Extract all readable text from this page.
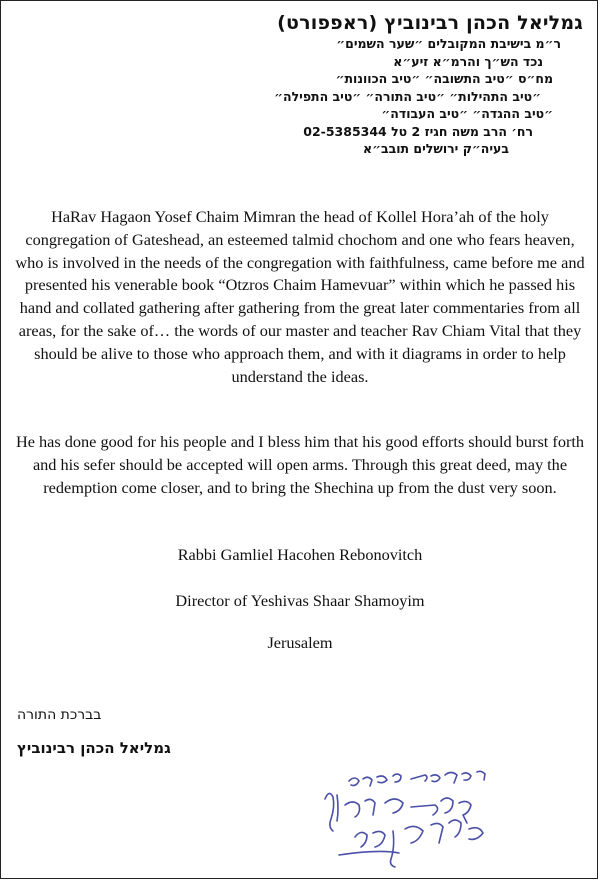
גמליאל הכהן רבינוביץ (ראפפורט)

ר״מ בישיבת המקובלים ״שער השמים״

נכד הש״ך והרמ״א זיע״א

מח״ס ״טיב התשובה״ ״טיב הכוונות״

״טיב התהילות״ ״טיב התורה״ ״טיב התפילה״

״טיב ההגדה״ ״טיב העבודה״

רח׳ הרב משה חגיז 2 טל 02-5385344

בעיה״ק ירושלים תובב״א

HaRav Hagaon Yosef Chaim Mimran the head of Kollel Hora’ah of the holy congregation of Gateshead, an esteemed talmid chochom and one who fears heaven, who is involved in the needs of the congregation with faithfulness, came before me and presented his venerable book “Otzros Chaim Hamevuar” within which he passed his hand and collated gathering after gathering from the great later commentaries from all areas, for the sake of… the words of our master and teacher Rav Chiam Vital that they should be alive to those who approach them, and with it diagrams in order to help understand the ideas.

He has done good for his people and I bless him that his good efforts should burst forth and his sefer should be accepted will open arms. Through this great deed, may the redemption come closer, and to bring the Shechina up from the dust very soon.

Rabbi Gamliel Hacohen Rebonovitch

Director of Yeshivas Shaar Shamoyim

Jerusalem

בברכת התורה

גמליאל הכהן רבינוביץ
